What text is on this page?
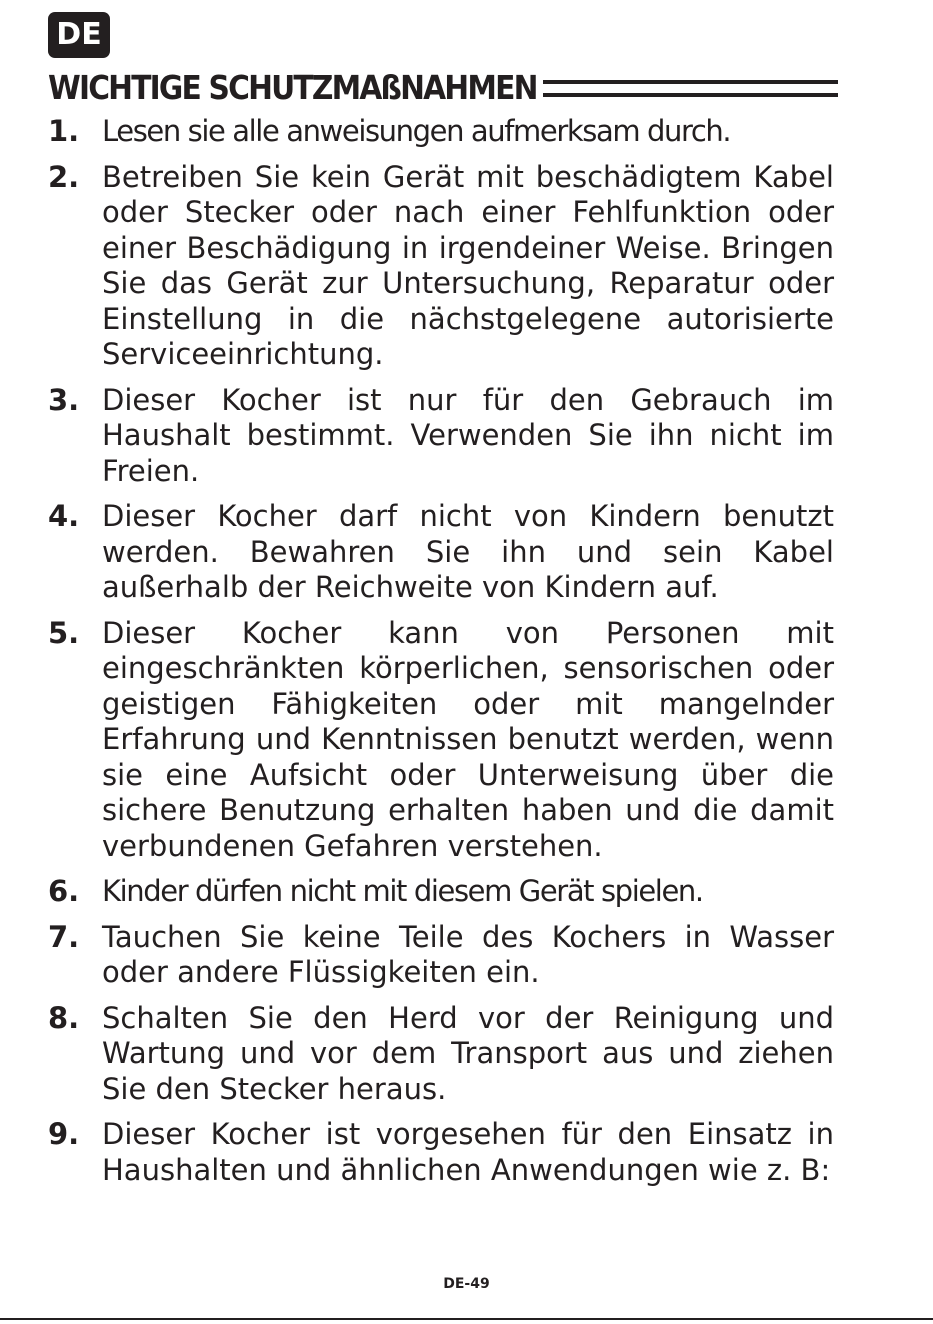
DE
WICHTIGE SCHUTZMAßNAHMEN
1. Lesen sie alle anweisungen aufmerksam durch.
2. Betreiben Sie kein Gerät mit beschädigtem Kabel oder Stecker oder nach einer Fehlfunktion oder einer Beschädigung in irgendeiner Weise. Bringen Sie das Gerät zur Untersuchung, Reparatur oder Einstellung in die nächstgelegene autorisierte Serviceeinrichtung.
3. Dieser Kocher ist nur für den Gebrauch im Haushalt bestimmt. Verwenden Sie ihn nicht im Freien.
4. Dieser Kocher darf nicht von Kindern benutzt werden. Bewahren Sie ihn und sein Kabel außerhalb der Reichweite von Kindern auf.
5. Dieser Kocher kann von Personen mit eingeschränkten körperlichen, sensorischen oder geistigen Fähigkeiten oder mit mangelnder Erfahrung und Kenntnissen benutzt werden, wenn sie eine Aufsicht oder Unterweisung über die sichere Benutzung erhalten haben und die damit verbundenen Gefahren verstehen.
6. Kinder dürfen nicht mit diesem Gerät spielen.
7. Tauchen Sie keine Teile des Kochers in Wasser oder andere Flüssigkeiten ein.
8. Schalten Sie den Herd vor der Reinigung und Wartung und vor dem Transport aus und ziehen Sie den Stecker heraus.
9. Dieser Kocher ist vorgesehen für den Einsatz in Haushalten und ähnlichen Anwendungen wie z. B:
DE-49
